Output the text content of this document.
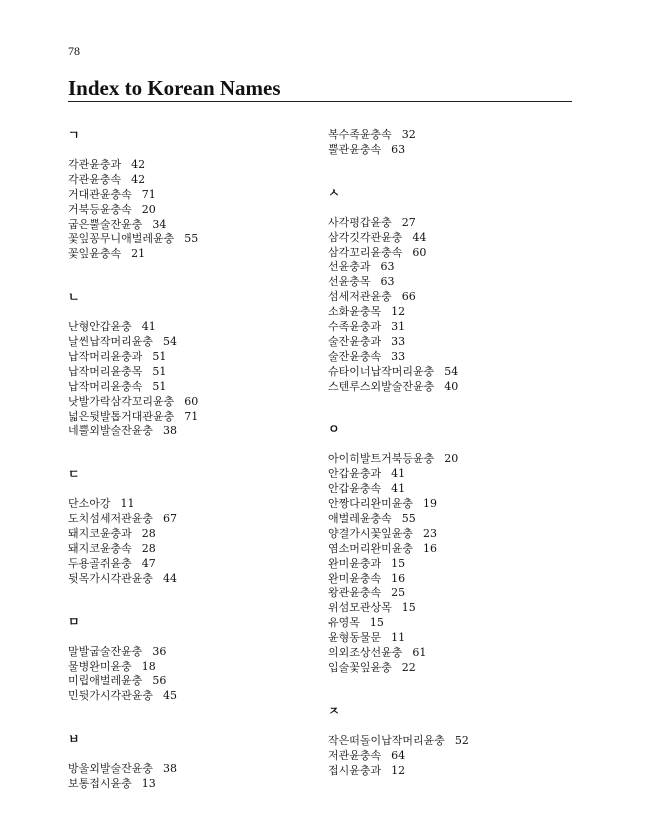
78
Index to Korean Names
ㄱ
각관윤충과 42
각관윤충속 42
거대관윤충속 71
거북등윤충속 20
굽은뿔술잔윤충 34
꽃잎꽁무니애벌레윤충 55
꽃잎윤충속 21
ㄴ
난형안갑윤충 41
날씬납작머리윤충 54
납작머리윤충과 51
납작머리윤충목 51
납작머리윤충속 51
낫발가락삼각꼬리윤충 60
넓은뒷발톱거대관윤충 71
네뿔외발술잔윤충 38
ㄷ
단소아강 11
도치섬세저관윤충 67
돼지코윤충과 28
돼지코윤충속 28
두용골쥐윤충 47
뒷목가시각관윤충 44
ㅁ
말발굽술잔윤충 36
물병완미윤충 18
미립애벌레윤충 56
민뒷가시각관윤충 45
ㅂ
방울외발술잔윤충 38
보통접시윤충 13
복수족윤충속 32
뿔관윤충속 63
ㅅ
사각평갑윤충 27
삼각깃각관윤충 44
삼각꼬리윤충속 60
선윤충과 63
선윤충목 63
섬세저관윤충 66
소화윤충목 12
수족윤충과 31
술잔윤충과 33
술잔윤충속 33
슈타이너납작머리윤충 54
스텐루스외발술잔윤충 40
ㅇ
아이히발트거북등윤충 20
안갑윤충과 41
안갑윤충속 41
안짱다리완미윤충 19
애벌레윤충속 55
양결가시꽃잎윤충 23
염소머리완미윤충 16
완미윤충과 15
완미윤충속 16
왕관윤충속 25
위섬모관상목 15
유영목 15
윤형동물문 11
의외조상선윤충 61
입술꽃잎윤충 22
ㅈ
작은떠돌이납작머리윤충 52
저관윤충속 64
접시윤충과 12
